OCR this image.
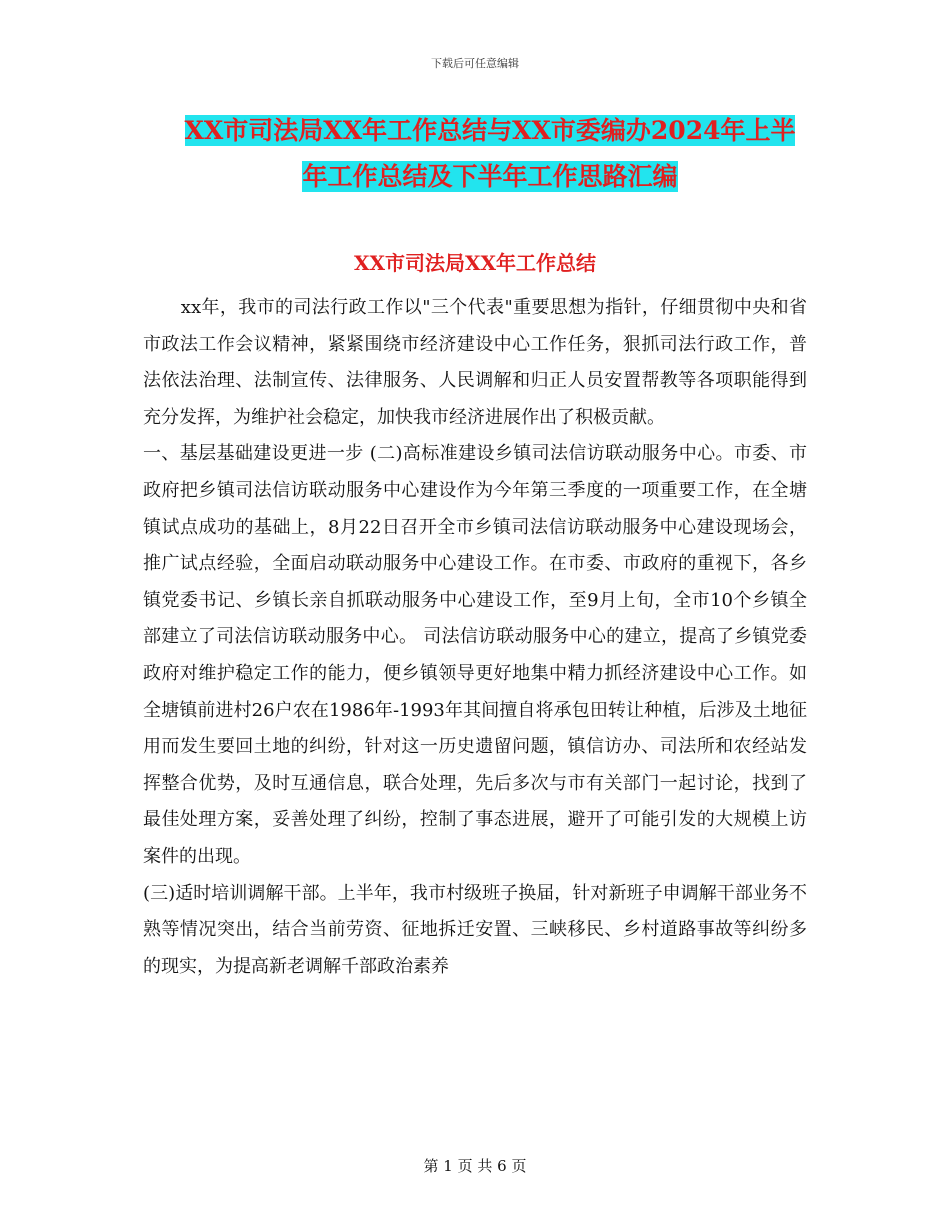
下载后可任意编辑
XX市司法局XX年工作总结与XX市委编办2024年上半
年工作总结及下半年工作思路汇编
XX市司法局XX年工作总结

xx年，我市的司法行政工作以"三个代表"重要思想为指针，仔细贯彻中央和省市政法工作会议精神，紧紧围绕市经济建设中心工作任务，狠抓司法行政工作，普法依法治理、法制宣传、法律服务、人民调解和归正人员安置帮教等各项职能得到充分发挥，为维护社会稳定，加快我市经济进展作出了积极贡献。

一、基层基础建设更进一步 (二)高标准建设乡镇司法信访联动服务中心。市委、市政府把乡镇司法信访联动服务中心建设作为今年第三季度的一项重要工作，在全塘镇试点成功的基础上，8月22日召开全市乡镇司法信访联动服务中心建设现场会，推广试点经验，全面启动联动服务中心建设工作。在市委、市政府的重视下，各乡镇党委书记、乡镇长亲自抓联动服务中心建设工作，至9月上旬，全市10个乡镇全部建立了司法信访联动服务中心。 司法信访联动服务中心的建立，提高了乡镇党委政府对维护稳定工作的能力，便乡镇领导更好地集中精力抓经济建设中心工作。如全塘镇前进村26户农在1986年-1993年其间擅自将承包田转让种植，后涉及土地征用而发生要回土地的纠纷，针对这一历史遗留问题，镇信访办、司法所和农经站发挥整合优势，及时互通信息，联合处理，先后多次与市有关部门一起讨论，找到了最佳处理方案，妥善处理了纠纷，控制了事态进展，避开了可能引发的大规模上访案件的出现。

(三)适时培训调解干部。上半年，我市村级班子换届，针对新班子申调解干部业务不熟等情况突出，结合当前劳资、征地拆迁安置、三峡移民、乡村道路事故等纠纷多的现实，为提高新老调解千部政治素养

第 1 页 共 6 页
